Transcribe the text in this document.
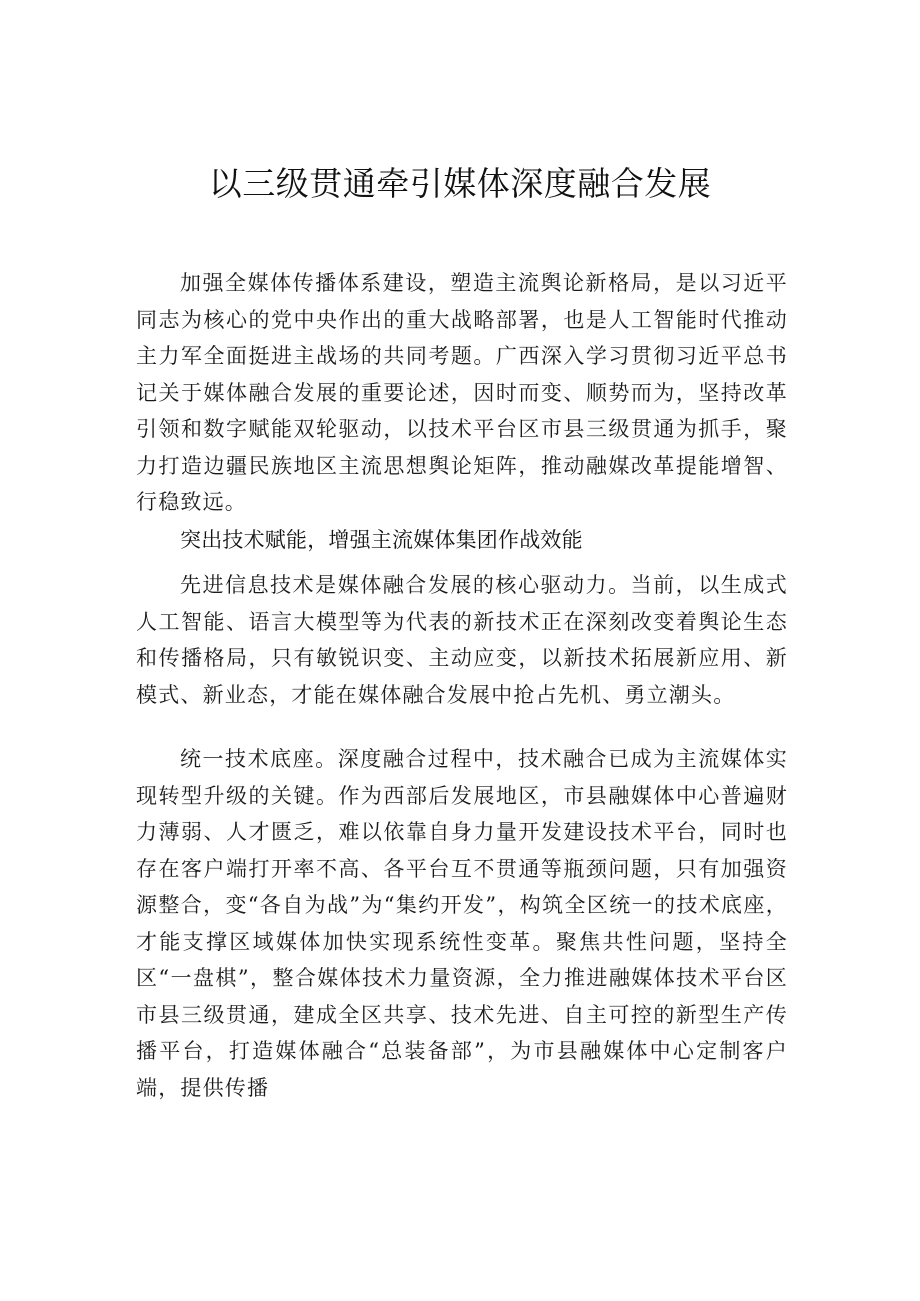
以三级贯通牵引媒体深度融合发展

加强全媒体传播体系建设，塑造主流舆论新格局，是以习近平同志为核心的党中央作出的重大战略部署，也是人工智能时代推动主力军全面挺进主战场的共同考题。广西深入学习贯彻习近平总书记关于媒体融合发展的重要论述，因时而变、顺势而为，坚持改革引领和数字赋能双轮驱动，以技术平台区市县三级贯通为抓手，聚力打造边疆民族地区主流思想舆论矩阵，推动融媒改革提能增智、行稳致远。

突出技术赋能，增强主流媒体集团作战效能

先进信息技术是媒体融合发展的核心驱动力。当前，以生成式人工智能、语言大模型等为代表的新技术正在深刻改变着舆论生态和传播格局，只有敏锐识变、主动应变，以新技术拓展新应用、新模式、新业态，才能在媒体融合发展中抢占先机、勇立潮头。

统一技术底座。深度融合过程中，技术融合已成为主流媒体实现转型升级的关键。作为西部后发展地区，市县融媒体中心普遍财力薄弱、人才匮乏，难以依靠自身力量开发建设技术平台，同时也存在客户端打开率不高、各平台互不贯通等瓶颈问题，只有加强资源整合，变“各自为战”为“集约开发”，构筑全区统一的技术底座，才能支撑区域媒体加快实现系统性变革。聚焦共性问题，坚持全区“一盘棋”，整合媒体技术力量资源，全力推进融媒体技术平台区市县三级贯通，建成全区共享、技术先进、自主可控的新型生产传播平台，打造媒体融合“总装备部”，为市县融媒体中心定制客户端，提供传播
